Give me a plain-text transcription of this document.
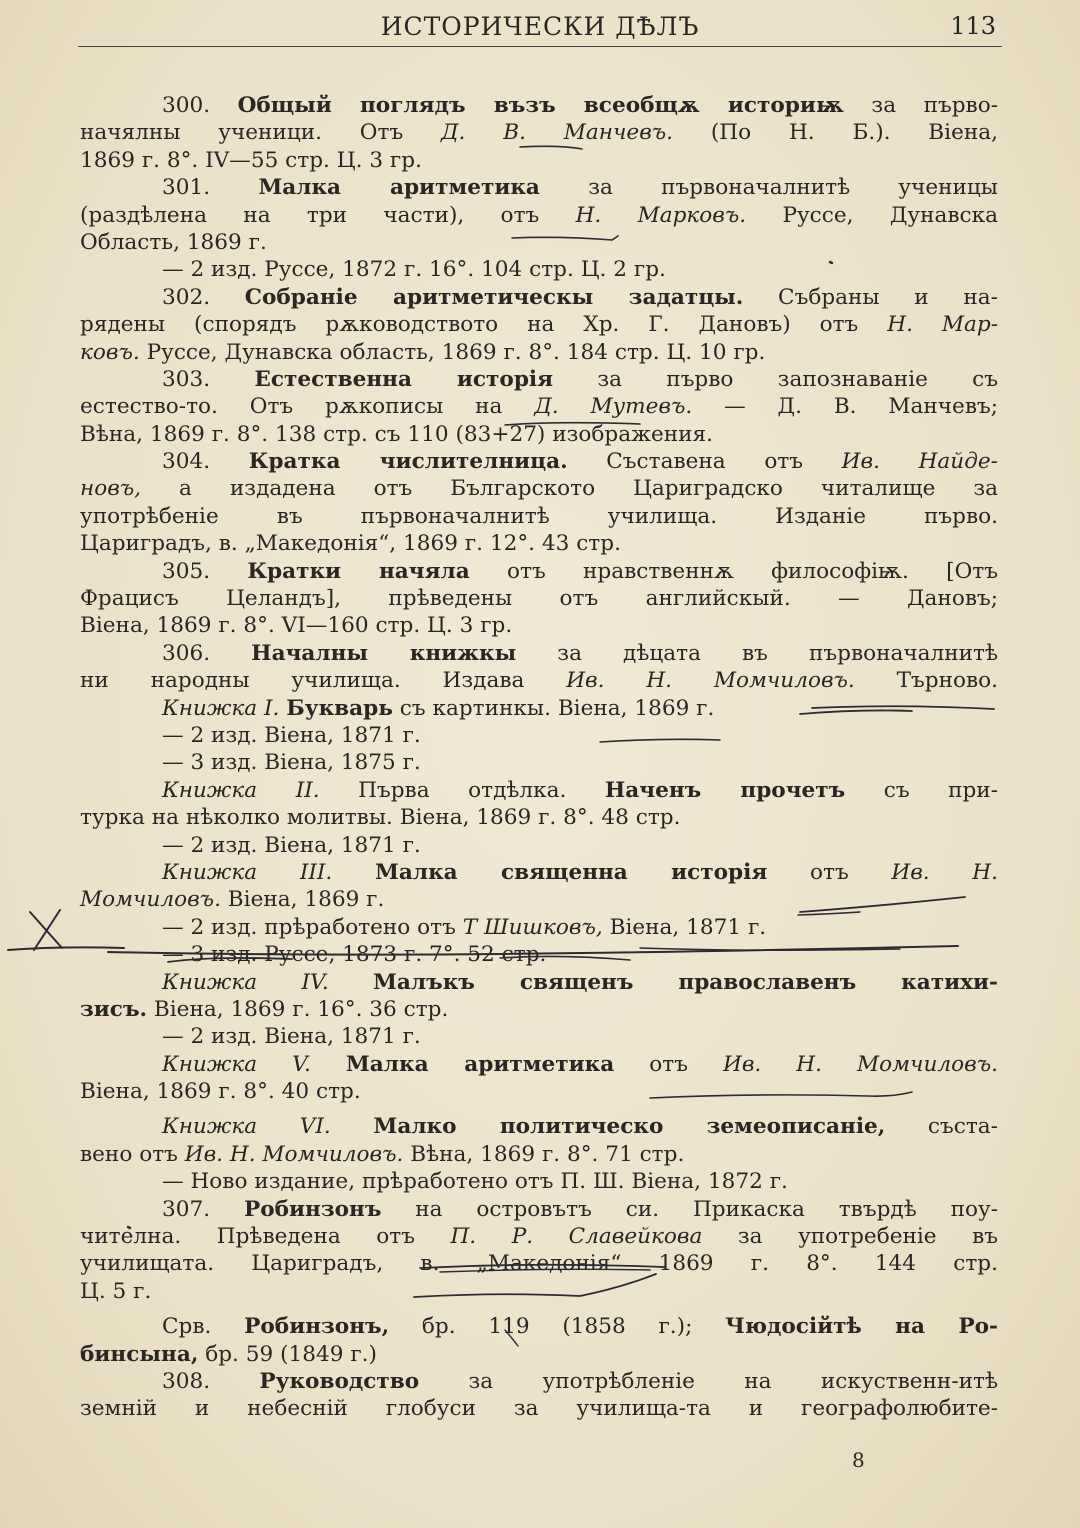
ИСТОРИЧЕСКИ ДѢЛЪ	113
300. Общый поглядъ възъ всеобщѫ историѭ за първо-
начялны ученици. Отъ Д. В. Манчевъ. (По Н. Б.). Віена,
1869 г. 8°. IV—55 стр. Ц. 3 гр.
301. Малка аритметика за първоначалнитѣ ученицы
(раздѣлена на три части), отъ Н. Марковъ. Руссе, Дунавска
Область, 1869 г.
— 2 изд. Руссе, 1872 г. 16°. 104 стр. Ц. 2 гр.
302. Собраніе аритметическы задатцы. Събраны и на-
рядены (спорядъ рѫководството на Хр. Г. Дановъ) отъ Н. Мар-
ковъ. Руссе, Дунавска область, 1869 г. 8°. 184 стр. Ц. 10 гр.
303. Естественна исторія за първо запознаваніе съ
естество-то. Отъ рѫкописы на Д. Мутевъ. — Д. В. Манчевъ;
Вѣна, 1869 г. 8°. 138 стр. съ 110 (83+27) изображения.
304. Кратка числителница. Съставена отъ Ив. Найде-
новъ, а издадена отъ Българското Цариградско читалище за
употрѣбеніе въ първоначалнитѣ училища. Изданіе първо.
Цариградъ, в. „Македонія“, 1869 г. 12°. 43 стр.
305. Кратки начяла отъ нравственнѫ философіѭ. [Отъ
Фрацисъ Целандъ], прѣведены отъ английскый. — Дановъ;
Віена, 1869 г. 8°. VI—160 стр. Ц. 3 гр.
306. Началны книжкы за дѣцата въ първоначалнитѣ
ни народны училища. Издава Ив. Н. Момчиловъ. Търново.
Книжка I. Букварь съ картинкы. Віена, 1869 г.
— 2 изд. Віена, 1871 г.
— 3 изд. Віена, 1875 г.
Книжка II. Първа отдѣлка. Наченъ прочетъ съ при-
турка на нѣколко молитвы. Віена, 1869 г. 8°. 48 стр.
— 2 изд. Віена, 1871 г.
Книжка III. Малка священна исторія отъ Ив. Н.
Момчиловъ. Віена, 1869 г.
— 2 изд. прѣработено отъ Т Шишковъ, Віена, 1871 г.
— 3 изд. Руссе, 1873 г. 7°. 52 стр.
Книжка IV. Малъкъ священъ православенъ катихи-
зисъ. Віена, 1869 г. 16°. 36 стр.
— 2 изд. Віена, 1871 г.
Книжка V. Малка аритметика отъ Ив. Н. Момчиловъ.
Віена, 1869 г. 8°. 40 стр.
Книжка VI. Малко политическо земеописаніе, съста-
вено отъ Ив. Н. Момчиловъ. Вѣна, 1869 г. 8°. 71 стр.
— Ново издание, прѣработено отъ П. Ш. Віена, 1872 г.
307. Робинзонъ на островътъ си. Прикаска твърдѣ поу-
чителна. Прѣведена отъ П. Р. Славейкова за употребеніе въ
училищата. Цариградъ, в. „Македонія“ 1869 г. 8°. 144 стр.
Ц. 5 г.
Срв. Робинзонъ, бр. 119 (1858 г.); Чюдосійтѣ на Ро-
бинсына, бр. 59 (1849 г.)
308. Руководство за употрѣбленіе на искуственн-итѣ
земній и небесній глобуси за училища-та и географолюбите-
8
